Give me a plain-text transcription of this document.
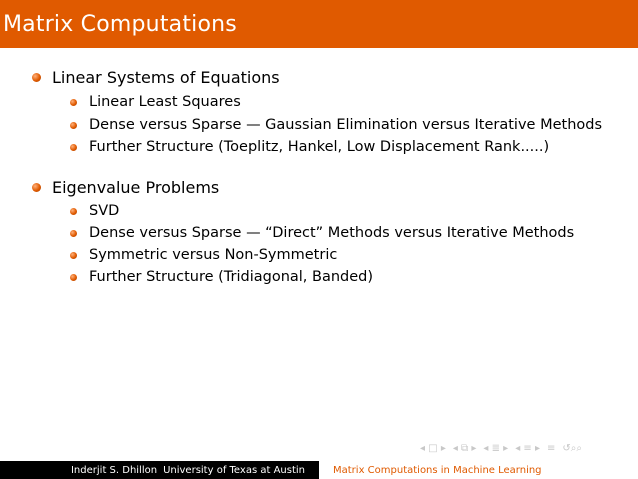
Matrix Computations
Linear Systems of Equations
Linear Least Squares
Dense versus Sparse — Gaussian Elimination versus Iterative Methods
Further Structure (Toeplitz, Hankel, Low Displacement Rank.....)
Eigenvalue Problems
SVD
Dense versus Sparse — “Direct” Methods versus Iterative Methods
Symmetric versus Non-Symmetric
Further Structure (Tridiagonal, Banded)
◂ □ ▸ ◂ ⧉ ▸ ◂ ≣ ▸ ◂ ≡ ▸ ≡ ↺⌕⌕
Inderjit S. Dhillon University of Texas at Austin	Matrix Computations in Machine Learning
